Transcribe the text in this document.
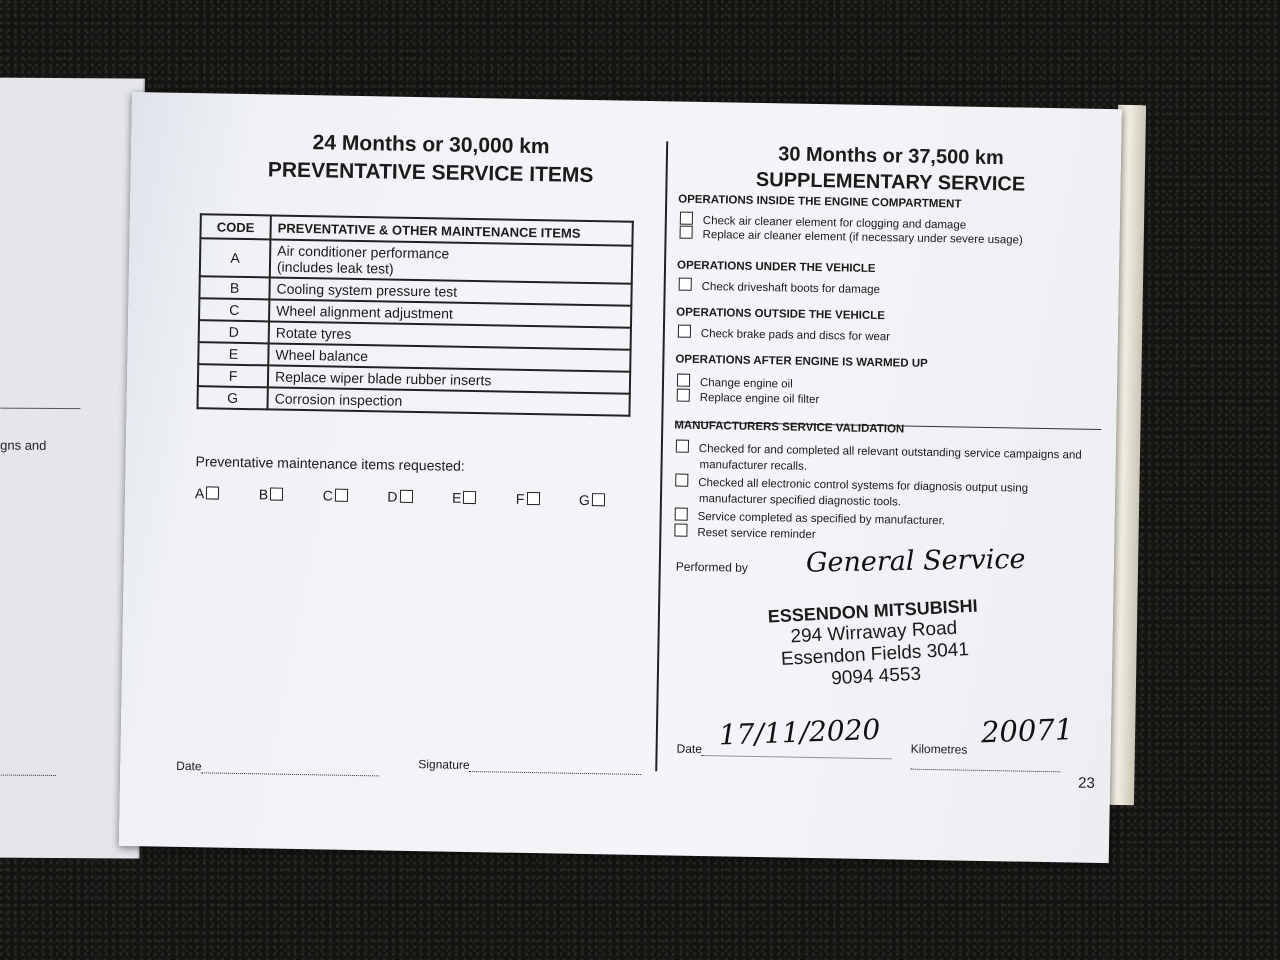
gns and
24 Months or 30,000 km
PREVENTATIVE SERVICE ITEMS
CODE	PREVENTATIVE & OTHER MAINTENANCE ITEMS
A	Air conditioner performance
(includes leak test)
B	Cooling system pressure test
C	Wheel alignment adjustment
D	Rotate tyres
E	Wheel balance
F	Replace wiper blade rubber inserts
G	Corrosion inspection
Preventative maintenance items requested:
A	B	C	D	E	F	G
Date	Signature
30 Months or 37,500 km
SUPPLEMENTARY SERVICE
OPERATIONS INSIDE THE ENGINE COMPARTMENT
Check air cleaner element for clogging and damage
Replace air cleaner element (if necessary under severe usage)
OPERATIONS UNDER THE VEHICLE
Check driveshaft boots for damage
OPERATIONS OUTSIDE THE VEHICLE
Check brake pads and discs for wear
OPERATIONS AFTER ENGINE IS WARMED UP
Change engine oil
Replace engine oil filter
MANUFACTURERS SERVICE VALIDATION
Checked for and completed all relevant outstanding service campaigns and
manufacturer recalls.
Checked all electronic control systems for diagnosis output using
manufacturer specified diagnostic tools.
Service completed as specified by manufacturer.
Reset service reminder
Performed by General Service
ESSENDON MITSUBISHI
294 Wirraway Road
Essendon Fields 3041
9094 4553
Date 17/11/2020 Kilometres 20071
23
